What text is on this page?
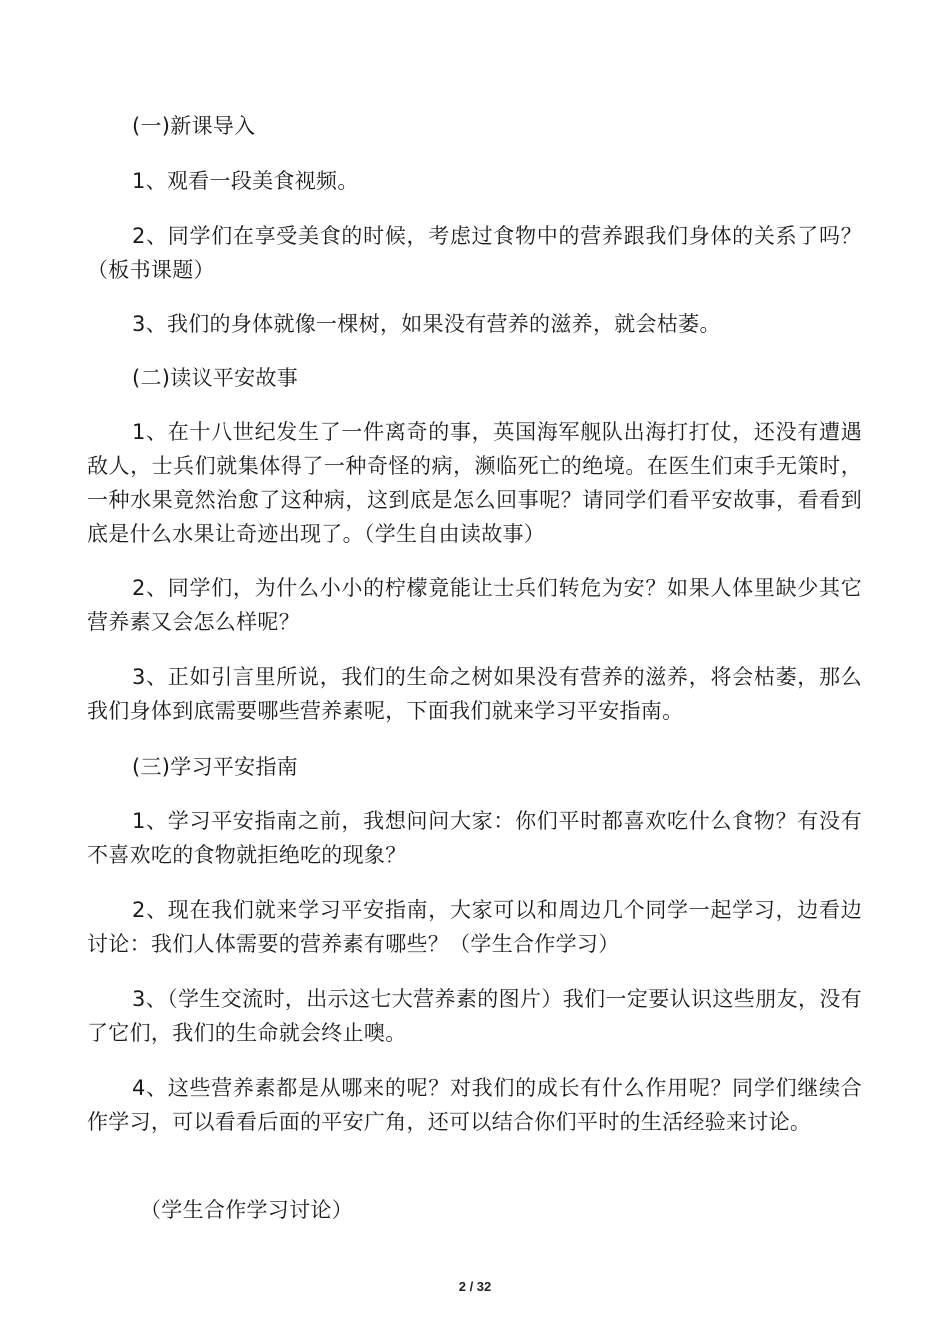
(一)新课导入

1、观看一段美食视频。

2、同学们在享受美食的时候，考虑过食物中的营养跟我们身体的关系了吗？（板书课题）

3、我们的身体就像一棵树，如果没有营养的滋养，就会枯萎。

(二)读议平安故事

1、在十八世纪发生了一件离奇的事，英国海军舰队出海打打仗，还没有遭遇敌人，士兵们就集体得了一种奇怪的病，濒临死亡的绝境。在医生们束手无策时，一种水果竟然治愈了这种病，这到底是怎么回事呢？请同学们看平安故事，看看到底是什么水果让奇迹出现了。（学生自由读故事）

2、同学们，为什么小小的柠檬竟能让士兵们转危为安？如果人体里缺少其它营养素又会怎么样呢？

3、正如引言里所说，我们的生命之树如果没有营养的滋养，将会枯萎，那么我们身体到底需要哪些营养素呢，下面我们就来学习平安指南。

(三)学习平安指南

1、学习平安指南之前，我想问问大家：你们平时都喜欢吃什么食物？有没有不喜欢吃的食物就拒绝吃的现象？

2、现在我们就来学习平安指南，大家可以和周边几个同学一起学习，边看边讨论：我们人体需要的营养素有哪些？（学生合作学习）

3、（学生交流时，出示这七大营养素的图片）我们一定要认识这些朋友，没有了它们，我们的生命就会终止噢。

4、这些营养素都是从哪来的呢？对我们的成长有什么作用呢？同学们继续合作学习，可以看看后面的平安广角，还可以结合你们平时的生活经验来讨论。

（学生合作学习讨论）

2 / 32
